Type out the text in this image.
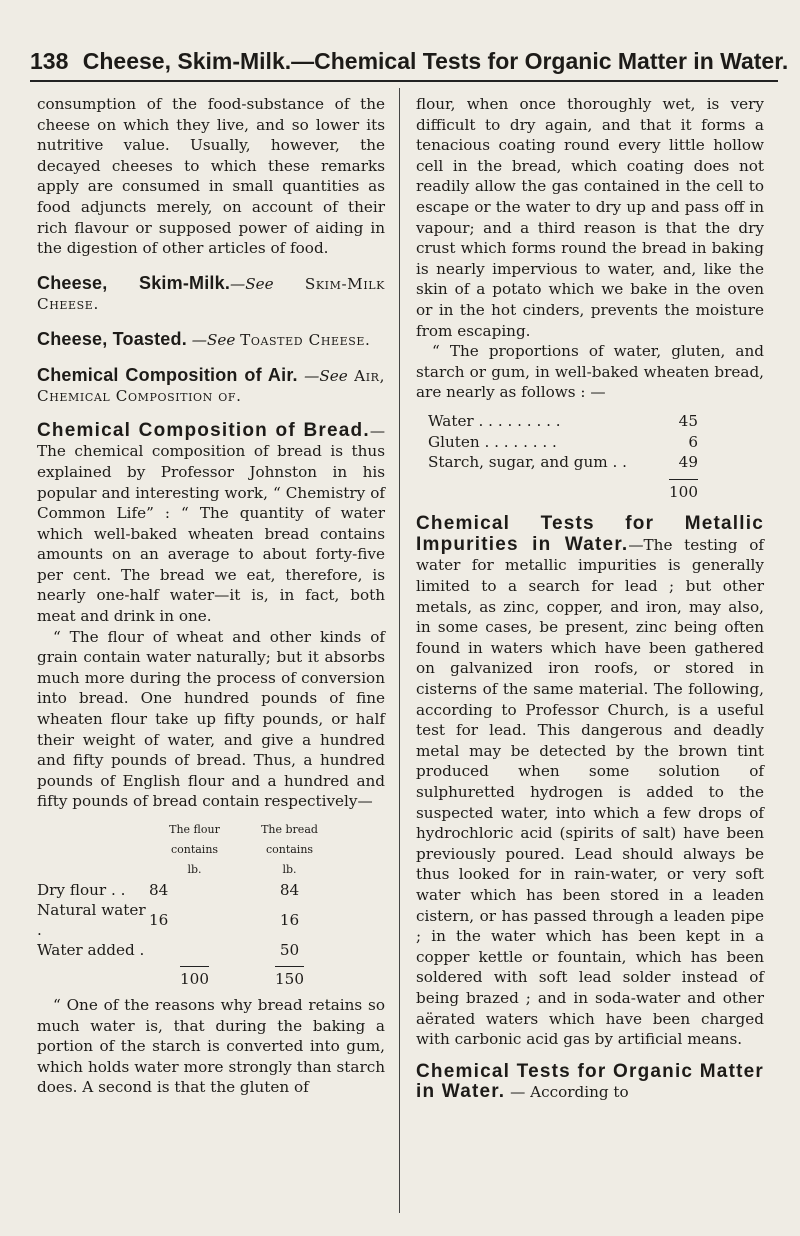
138 Cheese, Skim-Milk.—Chemical Tests for Organic Matter in Water.

consumption of the food-substance of the cheese on which they live, and so lower its nutritive value. Usually, however, the decayed cheeses to which these remarks apply are consumed in small quantities as food adjuncts merely, on account of their rich flavour or supposed power of aiding in the digestion of other articles of food.

Cheese, Skim-Milk.—See Skim-Milk Cheese.

Cheese, Toasted. —See Toasted Cheese.

Chemical Composition of Air. —See Air, Chemical Composition of.

Chemical Composition of Bread.—The chemical composition of bread is thus explained by Professor Johnston in his popular and interesting work, “ Chemistry of Common Life” : “ The quantity of water which well-baked wheaten bread contains amounts on an average to about forty-five per cent. The bread we eat, therefore, is nearly one-half water—it is, in fact, both meat and drink in one.

“ The flour of wheat and other kinds of grain contain water naturally; but it absorbs much more during the process of conversion into bread. One hundred pounds of fine wheaten flour take up fifty pounds, or half their weight of water, and give a hundred and fifty pounds of bread. Thus, a hundred pounds of English flour and a hundred and fifty pounds of bread contain respectively—

	The flour contains	The bread contains
	lb.	lb.
Dry flour . .	84	84
Natural water .	16	16
Water added .		50
	100	150

“ One of the reasons why bread retains so much water is, that during the baking a portion of the starch is converted into gum, which holds water more strongly than starch does. A second is that the gluten of

flour, when once thoroughly wet, is very difficult to dry again, and that it forms a tenacious coating round every little hollow cell in the bread, which coating does not readily allow the gas contained in the cell to escape or the water to dry up and pass off in vapour; and a third reason is that the dry crust which forms round the bread in baking is nearly impervious to water, and, like the skin of a potato which we bake in the oven or in the hot cinders, prevents the moisture from escaping.

“ The proportions of water, gluten, and starch or gum, in well-baked wheaten bread, are nearly as follows : —

Water . . . . . . . . .	45
Gluten . . . . . . . .	6
Starch, sugar, and gum . .	49
	100

Chemical Tests for Metallic Impurities in Water.—The testing of water for metallic impurities is generally limited to a search for lead ; but other metals, as zinc, copper, and iron, may also, in some cases, be present, zinc being often found in waters which have been gathered on galvanized iron roofs, or stored in cisterns of the same material. The following, according to Professor Church, is a useful test for lead. This dangerous and deadly metal may be detected by the brown tint produced when some solution of sulphuretted hydrogen is added to the suspected water, into which a few drops of hydrochloric acid (spirits of salt) have been previously poured. Lead should always be thus looked for in rain-water, or very soft water which has been stored in a leaden cistern, or has passed through a leaden pipe ; in the water which has been kept in a copper kettle or fountain, which has been soldered with soft lead solder instead of being brazed ; and in soda-water and other aërated waters which have been charged with carbonic acid gas by artificial means.

Chemical Tests for Organic Matter in Water. — According to
